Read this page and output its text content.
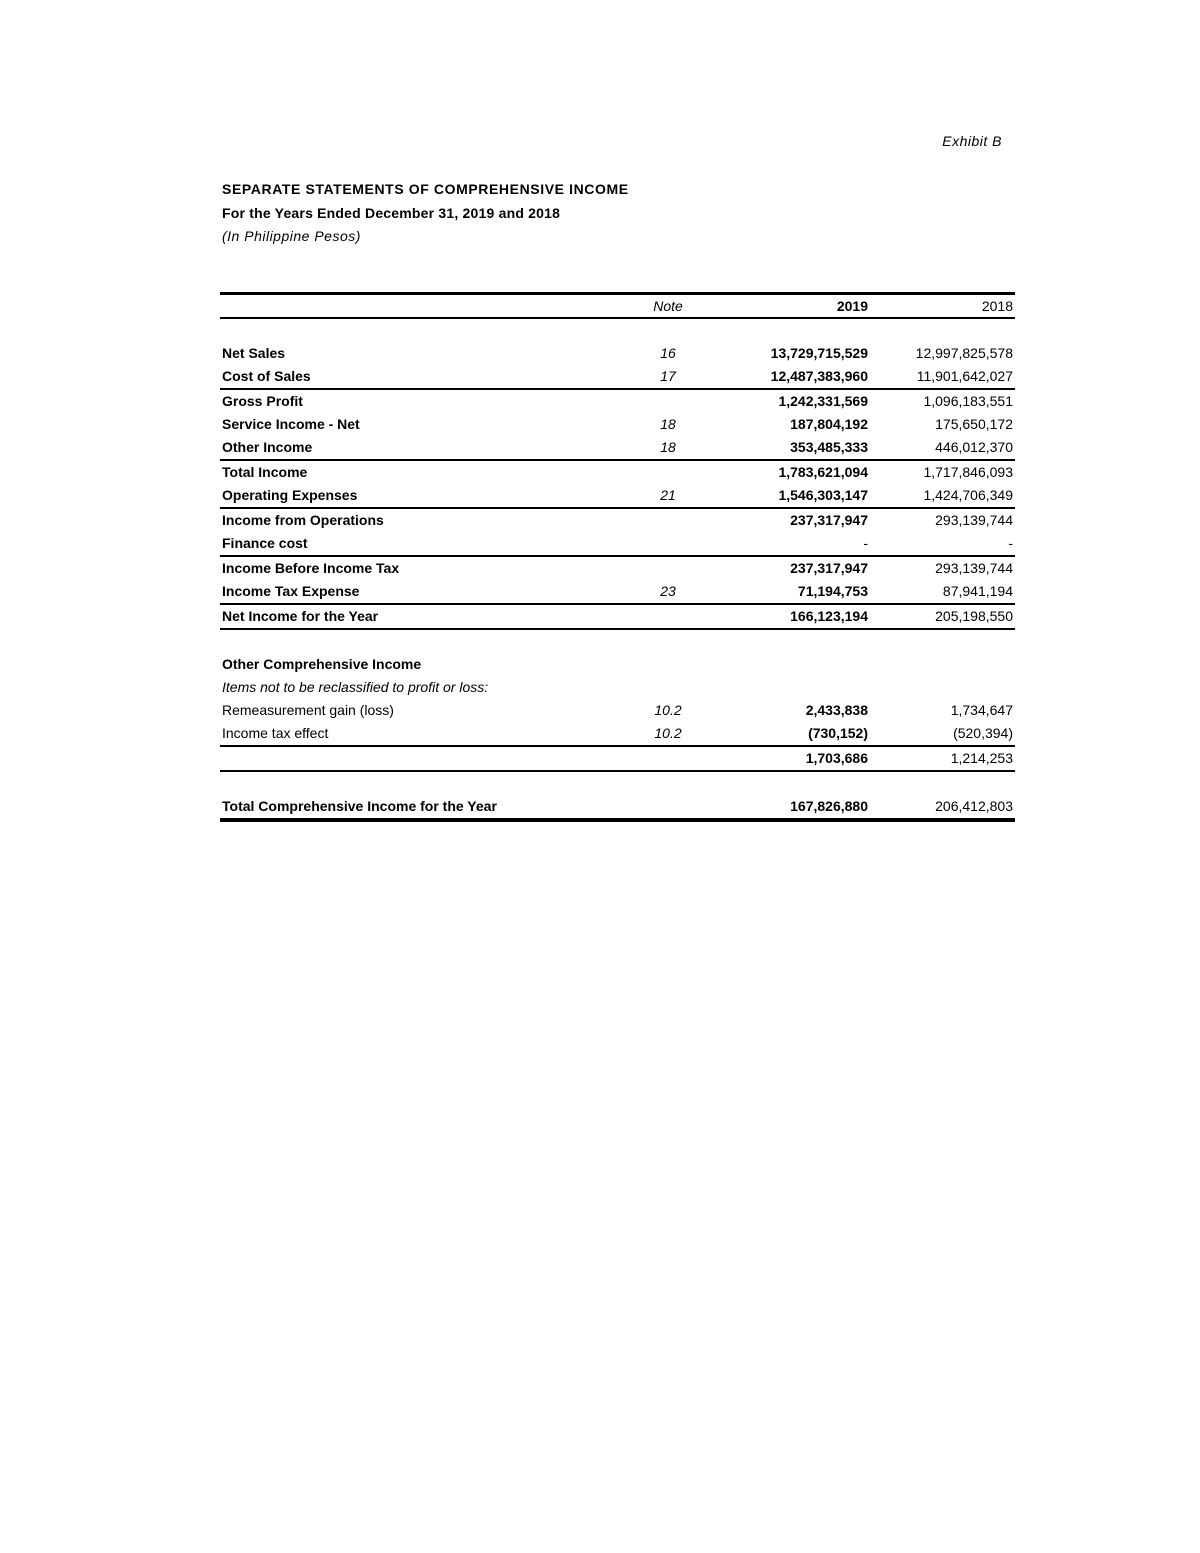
Exhibit B
SEPARATE STATEMENTS OF COMPREHENSIVE INCOME
For the Years Ended December 31, 2019 and 2018
(In Philippine Pesos)
	Note	2019	2018

Net Sales	16	13,729,715,529	12,997,825,578
Cost of Sales	17	12,487,383,960	11,901,642,027
Gross Profit		1,242,331,569	1,096,183,551
Service Income - Net	18	187,804,192	175,650,172
Other Income	18	353,485,333	446,012,370
Total Income		1,783,621,094	1,717,846,093
Operating Expenses	21	1,546,303,147	1,424,706,349
Income from Operations		237,317,947	293,139,744
Finance cost		-	-
Income Before Income Tax		237,317,947	293,139,744
Income Tax Expense	23	71,194,753	87,941,194
Net Income for the Year		166,123,194	205,198,550

Other Comprehensive Income			
Items not to be reclassified to profit or loss:			
Remeasurement gain (loss)	10.2	2,433,838	1,734,647
Income tax effect	10.2	(730,152)	(520,394)
		1,703,686	1,214,253

Total Comprehensive Income for the Year		167,826,880	206,412,803
